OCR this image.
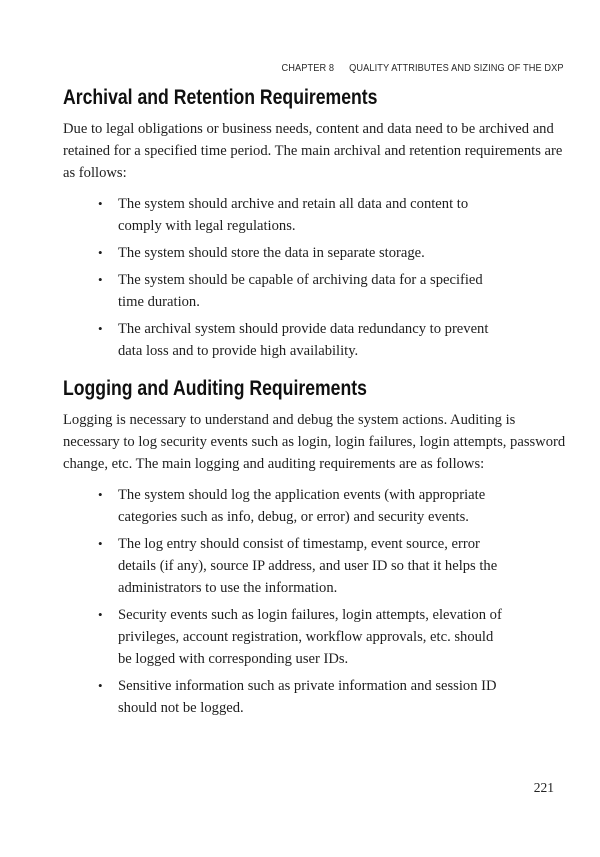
CHAPTER 8 QUALITY ATTRIBUTES AND SIZING OF THE DXP
Archival and Retention Requirements

Due to legal obligations or business needs, content and data need to be archived and retained for a specified time period. The main archival and retention requirements are as follows:

• The system should archive and retain all data and content to comply with legal regulations.
• The system should store the data in separate storage.
• The system should be capable of archiving data for a specified time duration.
• The archival system should provide data redundancy to prevent data loss and to provide high availability.
Logging and Auditing Requirements

Logging is necessary to understand and debug the system actions. Auditing is necessary to log security events such as login, login failures, login attempts, password change, etc. The main logging and auditing requirements are as follows:

• The system should log the application events (with appropriate categories such as info, debug, or error) and security events.
• The log entry should consist of timestamp, event source, error details (if any), source IP address, and user ID so that it helps the administrators to use the information.
• Security events such as login failures, login attempts, elevation of privileges, account registration, workflow approvals, etc. should be logged with corresponding user IDs.
• Sensitive information such as private information and session ID should not be logged.
221
